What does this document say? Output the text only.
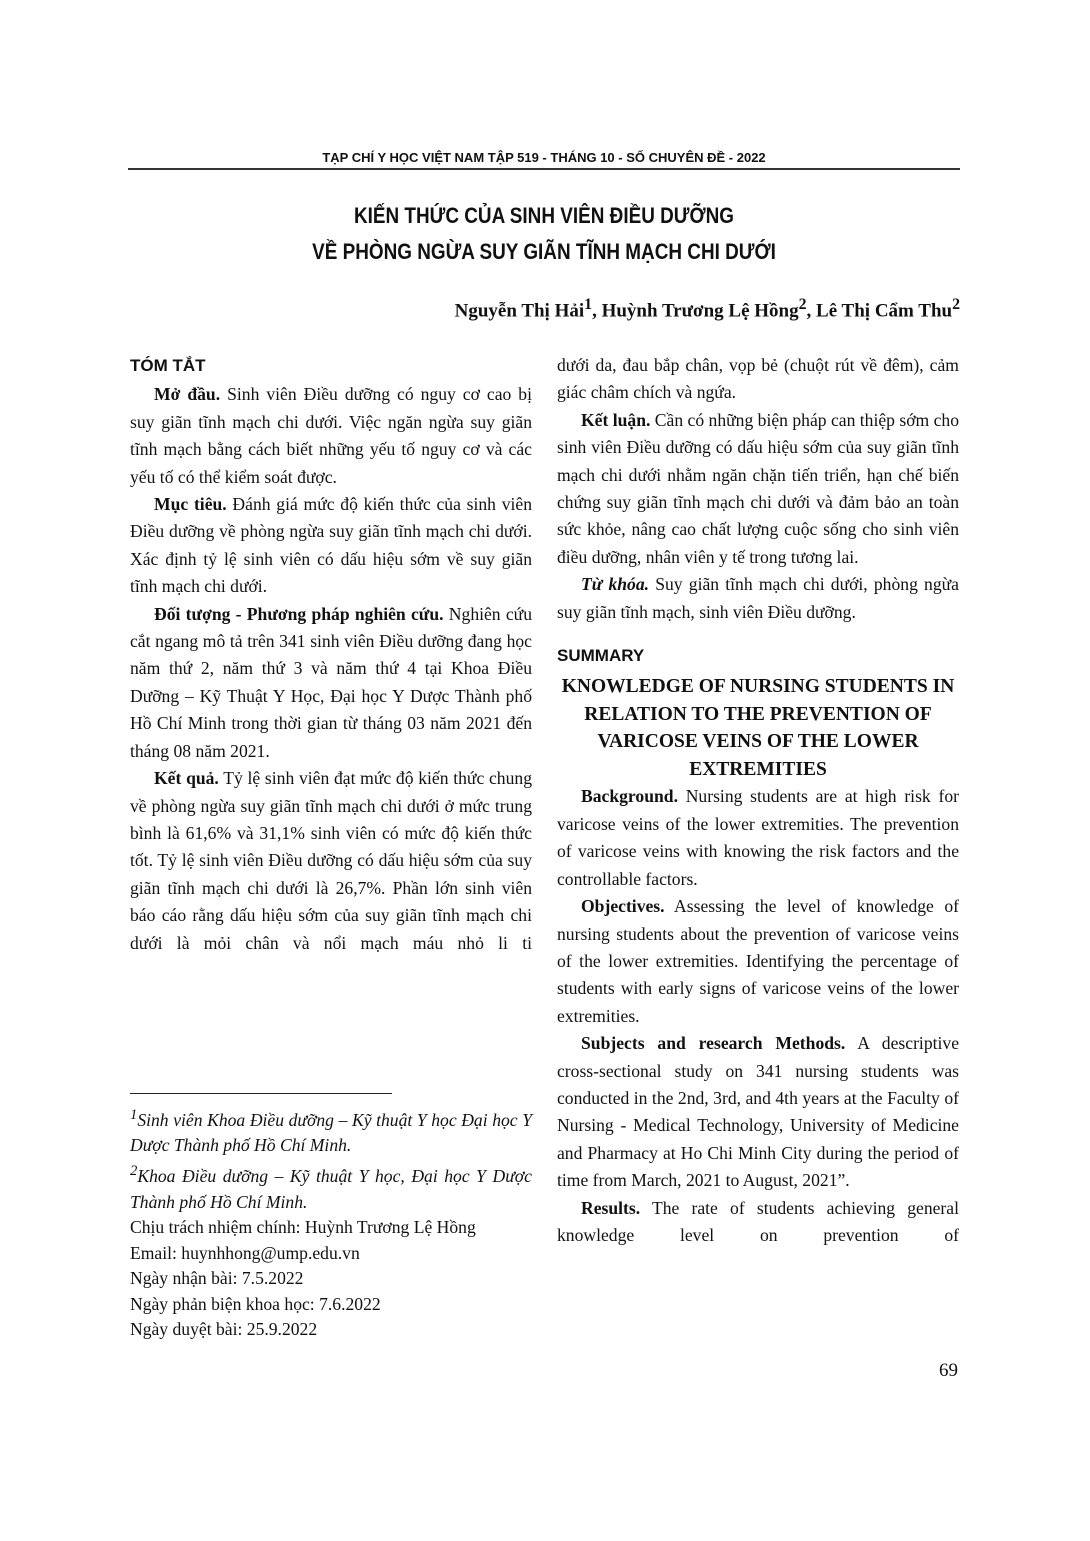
TẠP CHÍ Y HỌC VIỆT NAM TẬP 519 - THÁNG 10 - SỐ CHUYÊN ĐỀ - 2022
KIẾN THỨC CỦA SINH VIÊN ĐIỀU DƯỠNG
VỀ PHÒNG NGỪA SUY GIÃN TĨNH MẠCH CHI DƯỚI
Nguyễn Thị Hải$^1$, Huỳnh Trương Lệ Hồng$^2$, Lê Thị Cẩm Thu$^2$
TÓM TẮT

Mở đầu. Sinh viên Điều dưỡng có nguy cơ cao bị suy giãn tĩnh mạch chi dưới. Việc ngăn ngừa suy giãn tĩnh mạch bằng cách biết những yếu tố nguy cơ và các yếu tố có thể kiểm soát được.

Mục tiêu. Đánh giá mức độ kiến thức của sinh viên Điều dưỡng về phòng ngừa suy giãn tĩnh mạch chi dưới. Xác định tỷ lệ sinh viên có dấu hiệu sớm về suy giãn tĩnh mạch chi dưới.

Đối tượng - Phương pháp nghiên cứu. Nghiên cứu cắt ngang mô tả trên 341 sinh viên Điều dưỡng đang học năm thứ 2, năm thứ 3 và năm thứ 4 tại Khoa Điều Dưỡng – Kỹ Thuật Y Học, Đại học Y Dược Thành phố Hồ Chí Minh trong thời gian từ tháng 03 năm 2021 đến tháng 08 năm 2021.

Kết quả. Tỷ lệ sinh viên đạt mức độ kiến thức chung về phòng ngừa suy giãn tĩnh mạch chi dưới ở mức trung bình là 61,6% và 31,1% sinh viên có mức độ kiến thức tốt. Tỷ lệ sinh viên Điều dưỡng có dấu hiệu sớm của suy giãn tĩnh mạch chi dưới là 26,7%. Phần lớn sinh viên báo cáo rằng dấu hiệu sớm của suy giãn tĩnh mạch chi dưới là mỏi chân và nổi mạch máu nhỏ li ti

dưới da, đau bắp chân, vọp bẻ (chuột rút về đêm), cảm giác châm chích và ngứa.

Kết luận. Cần có những biện pháp can thiệp sớm cho sinh viên Điều dưỡng có dấu hiệu sớm của suy giãn tĩnh mạch chi dưới nhằm ngăn chặn tiến triển, hạn chế biến chứng suy giãn tĩnh mạch chi dưới và đảm bảo an toàn sức khỏe, nâng cao chất lượng cuộc sống cho sinh viên điều dưỡng, nhân viên y tế trong tương lai.

Từ khóa. Suy giãn tĩnh mạch chi dưới, phòng ngừa suy giãn tĩnh mạch, sinh viên Điều dưỡng.

SUMMARY
KNOWLEDGE OF NURSING STUDENTS IN RELATION TO THE PREVENTION OF VARICOSE VEINS OF THE LOWER EXTREMITIES

Background. Nursing students are at high risk for varicose veins of the lower extremities. The prevention of varicose veins with knowing the risk factors and the controllable factors.

Objectives. Assessing the level of knowledge of nursing students about the prevention of varicose veins of the lower extremities. Identifying the percentage of students with early signs of varicose veins of the lower extremities.

Subjects and research Methods. A descriptive cross-sectional study on 341 nursing students was conducted in the 2nd, 3rd, and 4th years at the Faculty of Nursing - Medical Technology, University of Medicine and Pharmacy at Ho Chi Minh City during the period of time from March, 2021 to August, 2021”.

Results. The rate of students achieving general knowledge level on prevention of

$^1$Sinh viên Khoa Điều dưỡng – Kỹ thuật Y học Đại học Y Dược Thành phố Hồ Chí Minh.
$^2$Khoa Điều dưỡng – Kỹ thuật Y học, Đại học Y Dược Thành phố Hồ Chí Minh.
Chịu trách nhiệm chính: Huỳnh Trương Lệ Hồng
Email: huynhhong@ump.edu.vn
Ngày nhận bài: 7.5.2022
Ngày phản biện khoa học: 7.6.2022
Ngày duyệt bài: 25.9.2022
69
